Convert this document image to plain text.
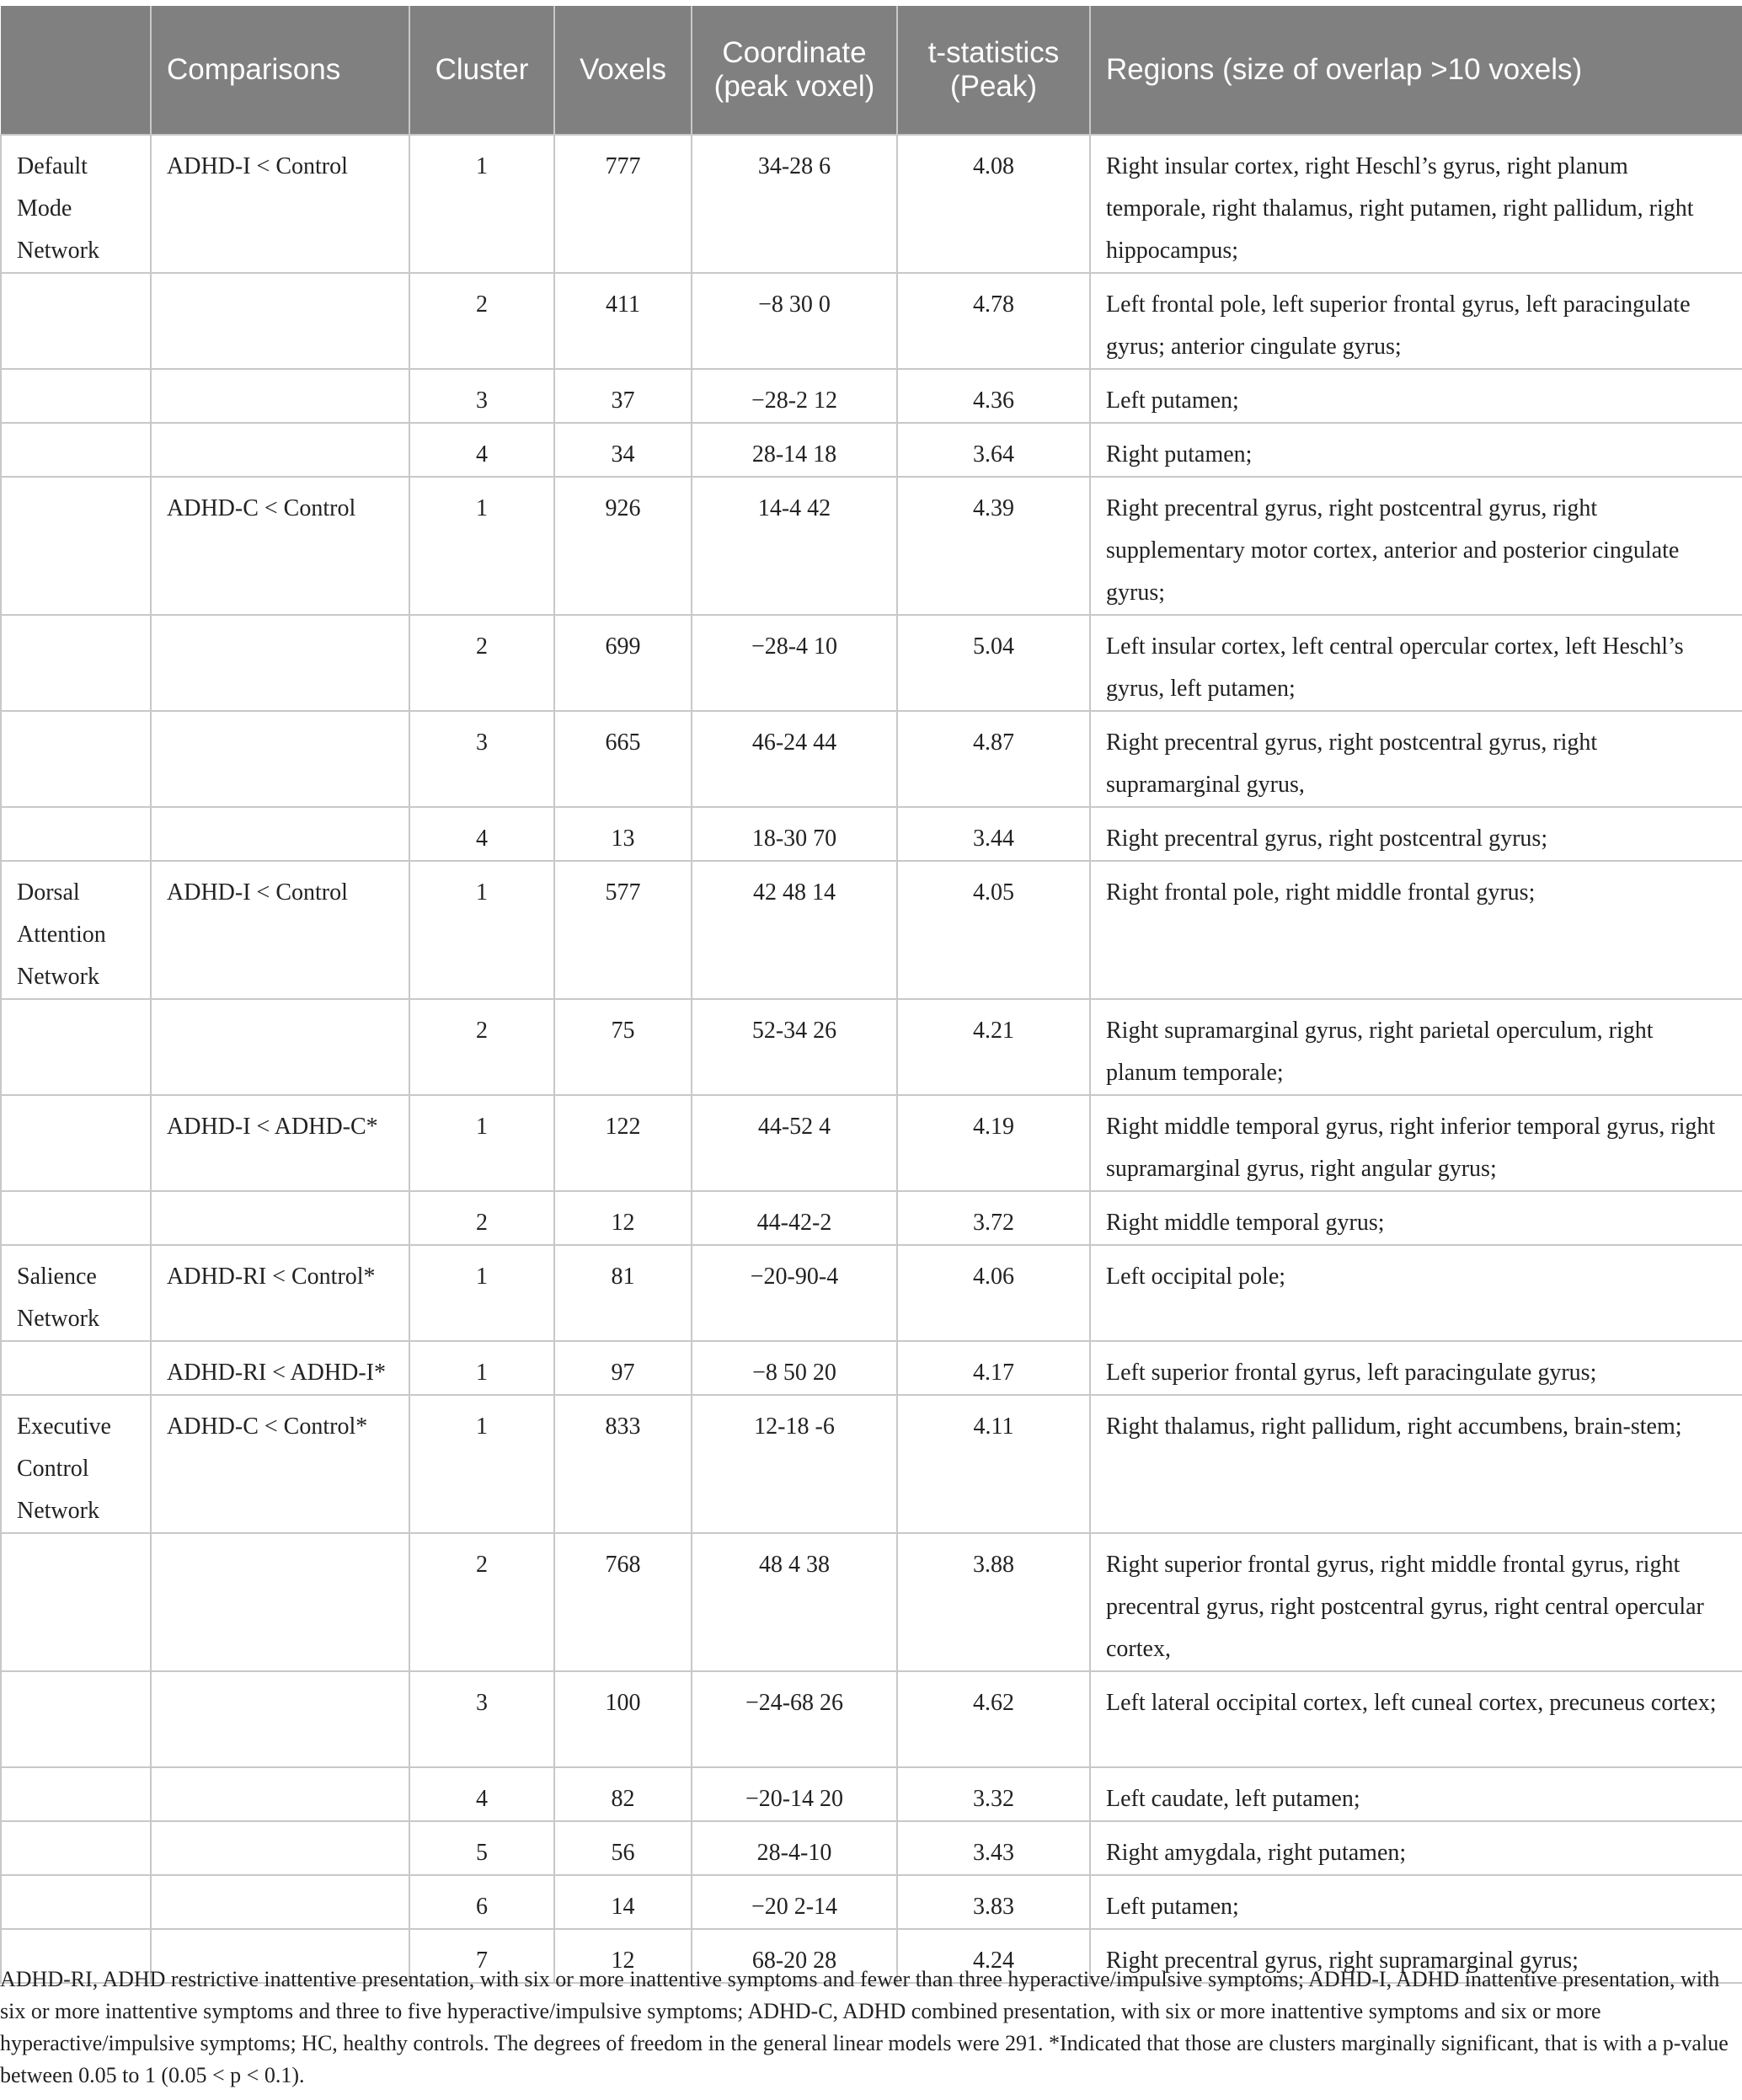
	Comparisons	Cluster	Voxels	Coordinate (peak voxel)	t-statistics (Peak)	Regions (size of overlap >10 voxels)
Default Mode Network	ADHD-I < Control	1	777	34-28 6	4.08	Right insular cortex, right Heschl’s gyrus, right planum temporale, right thalamus, right putamen, right pallidum, right hippocampus;
		2	411	−8 30 0	4.78	Left frontal pole, left superior frontal gyrus, left paracingulate gyrus; anterior cingulate gyrus;
		3	37	−28-2 12	4.36	Left putamen;
		4	34	28-14 18	3.64	Right putamen;
	ADHD-C < Control	1	926	14-4 42	4.39	Right precentral gyrus, right postcentral gyrus, right supplementary motor cortex, anterior and posterior cingulate gyrus;
		2	699	−28-4 10	5.04	Left insular cortex, left central opercular cortex, left Heschl’s gyrus, left putamen;
		3	665	46-24 44	4.87	Right precentral gyrus, right postcentral gyrus, right supramarginal gyrus,
		4	13	18-30 70	3.44	Right precentral gyrus, right postcentral gyrus;
Dorsal Attention Network	ADHD-I < Control	1	577	42 48 14	4.05	Right frontal pole, right middle frontal gyrus;
		2	75	52-34 26	4.21	Right supramarginal gyrus, right parietal operculum, right planum temporale;
	ADHD-I < ADHD-C*	1	122	44-52 4	4.19	Right middle temporal gyrus, right inferior temporal gyrus, right supramarginal gyrus, right angular gyrus;
		2	12	44-42-2	3.72	Right middle temporal gyrus;
Salience Network	ADHD-RI < Control*	1	81	−20-90-4	4.06	Left occipital pole;
	ADHD-RI < ADHD-I*	1	97	−8 50 20	4.17	Left superior frontal gyrus, left paracingulate gyrus;
Executive Control Network	ADHD-C < Control*	1	833	12-18 -6	4.11	Right thalamus, right pallidum, right accumbens, brain-stem;
		2	768	48 4 38	3.88	Right superior frontal gyrus, right middle frontal gyrus, right precentral gyrus, right postcentral gyrus, right central opercular cortex,
		3	100	−24-68 26	4.62	Left lateral occipital cortex, left cuneal cortex, precuneus cortex;
		4	82	−20-14 20	3.32	Left caudate, left putamen;
		5	56	28-4-10	3.43	Right amygdala, right putamen;
		6	14	−20 2-14	3.83	Left putamen;
		7	12	68-20 28	4.24	Right precentral gyrus, right supramarginal gyrus;

ADHD-RI, ADHD restrictive inattentive presentation, with six or more inattentive symptoms and fewer than three hyperactive/impulsive symptoms; ADHD-I, ADHD inattentive presentation, with six or more inattentive symptoms and three to five hyperactive/impulsive symptoms; ADHD-C, ADHD combined presentation, with six or more inattentive symptoms and six or more hyperactive/impulsive symptoms; HC, healthy controls. The degrees of freedom in the general linear models were 291. *Indicated that those are clusters marginally significant, that is with a p-value between 0.05 to 1 (0.05 < p < 0.1).
